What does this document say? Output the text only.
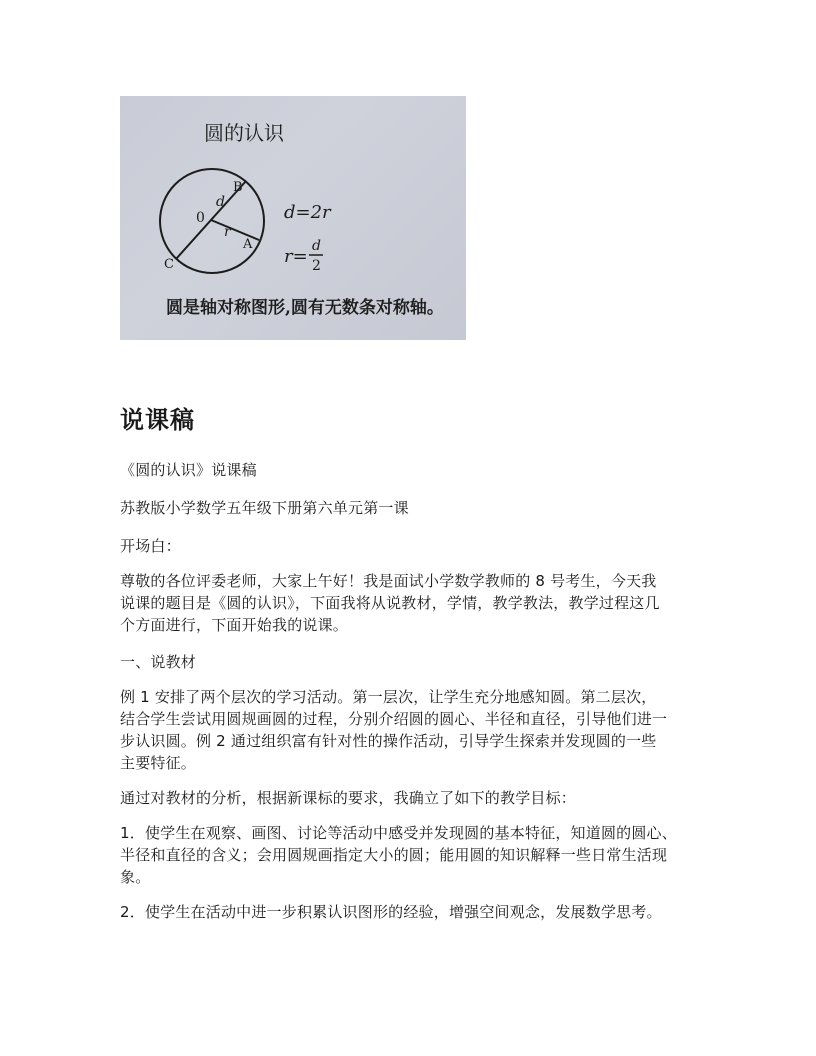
圆的认识
B
d
0
r
A
C
d=2r
r= d
2
圆是轴对称图形,圆有无数条对称轴。
说课稿

《圆的认识》说课稿

苏教版小学数学五年级下册第六单元第一课

开场白：

尊敬的各位评委老师，大家上午好！我是面试小学数学教师的 8 号考生，今天我
说课的题目是《圆的认识》，下面我将从说教材，学情，教学教法，教学过程这几
个方面进行，下面开始我的说课。

一、说教材

例 1 安排了两个层次的学习活动。第一层次，让学生充分地感知圆。第二层次，
结合学生尝试用圆规画圆的过程，分别介绍圆的圆心、半径和直径，引导他们进一
步认识圆。例 2 通过组织富有针对性的操作活动，引导学生探索并发现圆的一些
主要特征。

通过对教材的分析，根据新课标的要求，我确立了如下的教学目标：

1．使学生在观察、画图、讨论等活动中感受并发现圆的基本特征，知道圆的圆心、
半径和直径的含义；会用圆规画指定大小的圆；能用圆的知识解释一些日常生活现
象。

2．使学生在活动中进一步积累认识图形的经验，增强空间观念，发展数学思考。
